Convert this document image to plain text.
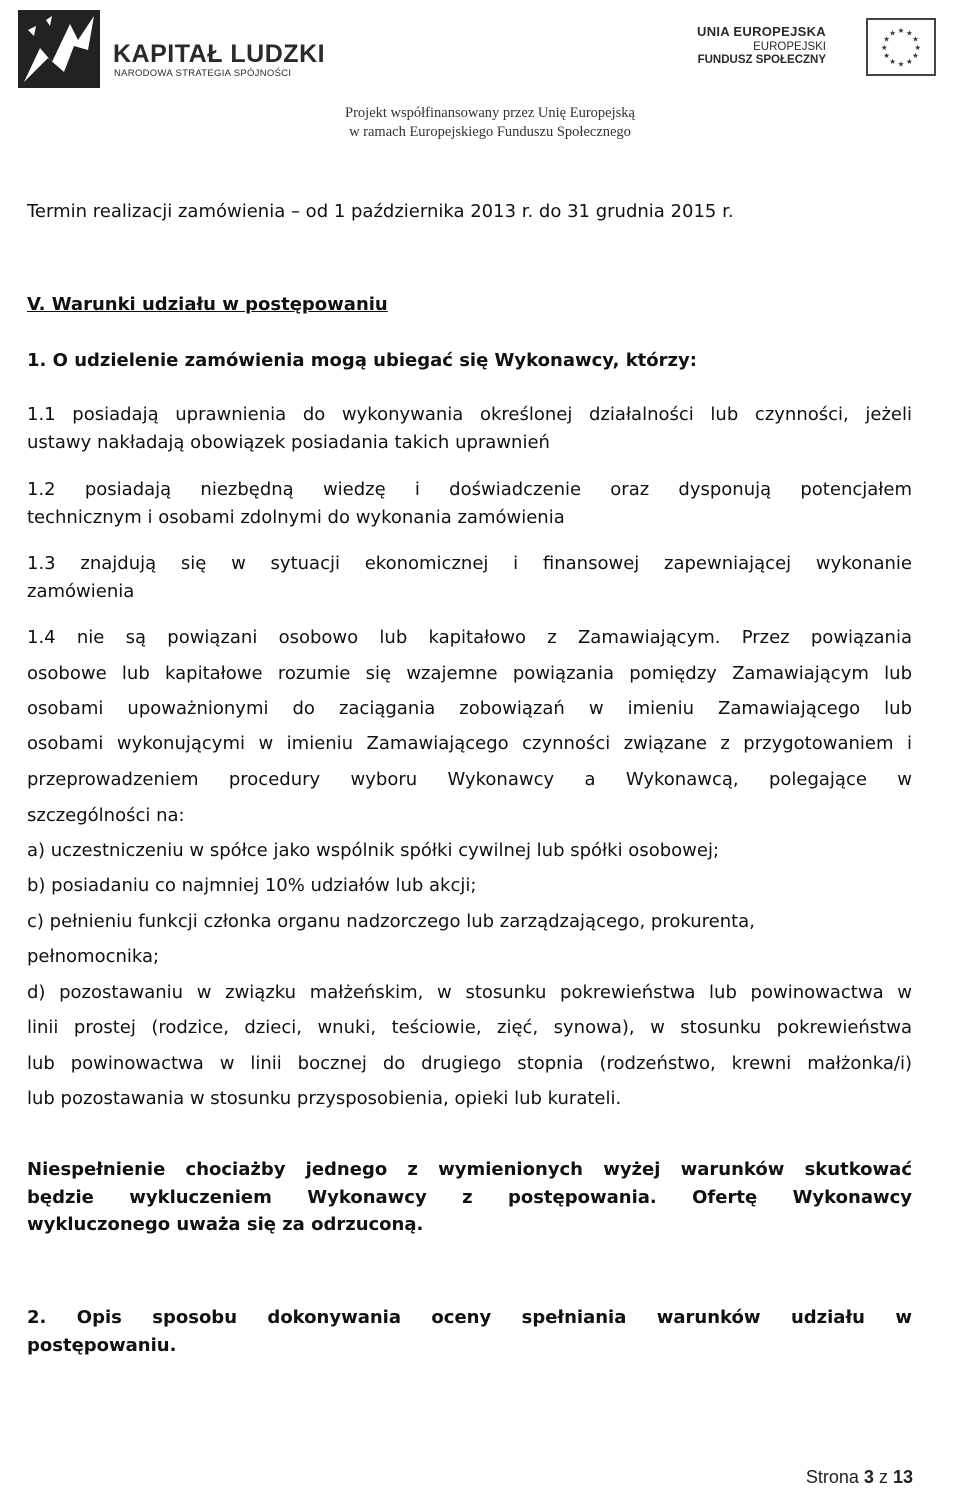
KAPITAŁ LUDZKI
NARODOWA STRATEGIA SPÓJNOŚCI
UNIA EUROPEJSKA
EUROPEJSKI
FUNDUSZ SPOŁECZNY
★ ★
★
★
★
★
★
★
★
★
★
★
Projekt współfinansowany przez Unię Europejską
w ramach Europejskiego Funduszu Społecznego

Termin realizacji zamówienia – od 1 października 2013 r. do 31 grudnia 2015 r.

V. Warunki udziału w postępowaniu

1. O udzielenie zamówienia mogą ubiegać się Wykonawcy, którzy:

1.1 posiadają uprawnienia do wykonywania określonej działalności lub czynności, jeżeli

ustawy nakładają obowiązek posiadania takich uprawnień

1.2 posiadają niezbędną wiedzę i doświadczenie oraz dysponują potencjałem

technicznym i osobami zdolnymi do wykonania zamówienia

1.3 znajdują się w sytuacji ekonomicznej i finansowej zapewniającej wykonanie

zamówienia

1.4 nie są powiązani osobowo lub kapitałowo z Zamawiającym. Przez powiązania

osobowe lub kapitałowe rozumie się wzajemne powiązania pomiędzy Zamawiającym lub

osobami upoważnionymi do zaciągania zobowiązań w imieniu Zamawiającego lub

osobami wykonującymi w imieniu Zamawiającego czynności związane z przygotowaniem i

przeprowadzeniem procedury wyboru Wykonawcy a Wykonawcą, polegające w

szczególności na:

a) uczestniczeniu w spółce jako wspólnik spółki cywilnej lub spółki osobowej;

b) posiadaniu co najmniej 10% udziałów lub akcji;

c) pełnieniu funkcji członka organu nadzorczego lub zarządzającego, prokurenta,

pełnomocnika;

d) pozostawaniu w związku małżeńskim, w stosunku pokrewieństwa lub powinowactwa w

linii prostej (rodzice, dzieci, wnuki, teściowie, zięć, synowa), w stosunku pokrewieństwa

lub powinowactwa w linii bocznej do drugiego stopnia (rodzeństwo, krewni małżonka/i)

lub pozostawania w stosunku przysposobienia, opieki lub kurateli.

Niespełnienie chociażby jednego z wymienionych wyżej warunków skutkować

będzie wykluczeniem Wykonawcy z postępowania. Ofertę Wykonawcy

wykluczonego uważa się za odrzuconą.

2. Opis sposobu dokonywania oceny spełniania warunków udziału w

postępowaniu.

Strona 3 z 13
